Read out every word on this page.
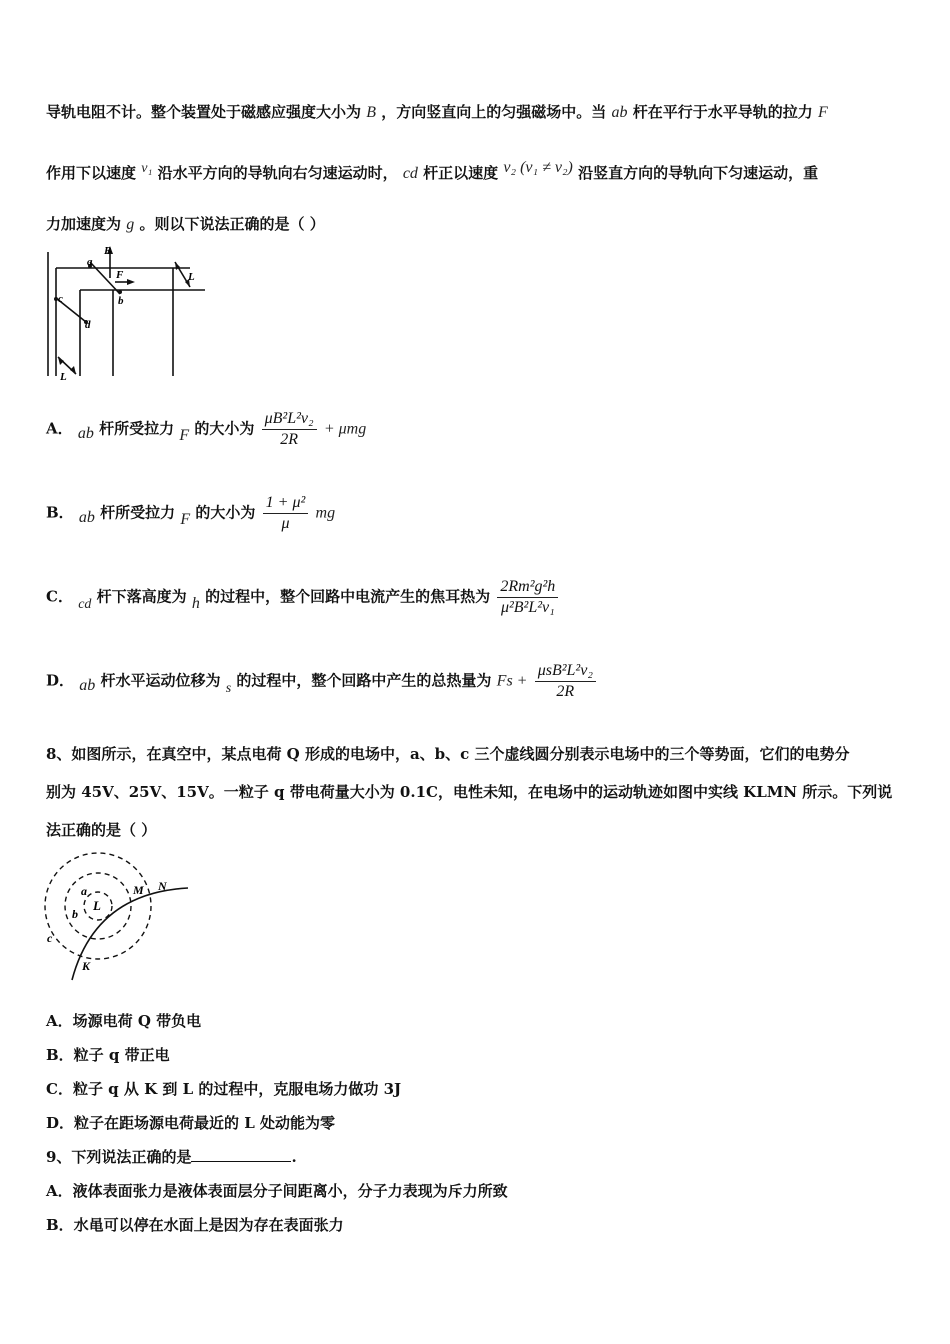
导轨电阻不计。整个装置处于磁感应强度大小为 B ，方向竖直向上的匀强磁场中。当 ab 杆在平行于水平导轨的拉力 F
作用下以速度 v₁ 沿水平方向的导轨向右匀速运动时， cd 杆正以速度 v₂ (v₁ ≠ v₂) 沿竖直方向的导轨向下匀速运动，重
力加速度为 g 。则以下说法正确的是（ ）
B
a
F
b
c
d
L
L
A． ab 杆所受拉力 F 的大小为 $\frac{\text{μB²L²v₂}}{2R} + \mu mg$
B． ab 杆所受拉力 F 的大小为 $\frac{\text{1 + μ²}}{\mu}$ mg
C． cd 杆下落高度为 h 的过程中，整个回路中电流产生的焦耳热为 $\frac{\text{2Rm²g²h}}{\text{μ²B²L²v₁}}$
D． ab 杆水平运动位移为 s 的过程中，整个回路中产生的总热量为 $Fs + \frac{\text{μsB²L²v₂}}{2R}$
8、如图所示，在真空中，某点电荷 Q 形成的电场中，a、b、c 三个虚线圆分别表示电场中的三个等势面，它们的电势分
别为 45V、25V、15V。一粒子 q 带电荷量大小为 0.1C，电性未知，在电场中的运动轨迹如图中实线 KLMN 所示。下列说
法正确的是（ ）
a
b
c
L
M N
K
A．场源电荷 Q 带负电
B．粒子 q 带正电
C．粒子 q 从 K 到 L 的过程中，克服电场力做功 3J
D．粒子在距场源电荷最近的 L 处动能为零
9、下列说法正确的是	.
A．液体表面张力是液体表面层分子间距离小，分子力表现为斥力所致
B．水黾可以停在水面上是因为存在表面张力
